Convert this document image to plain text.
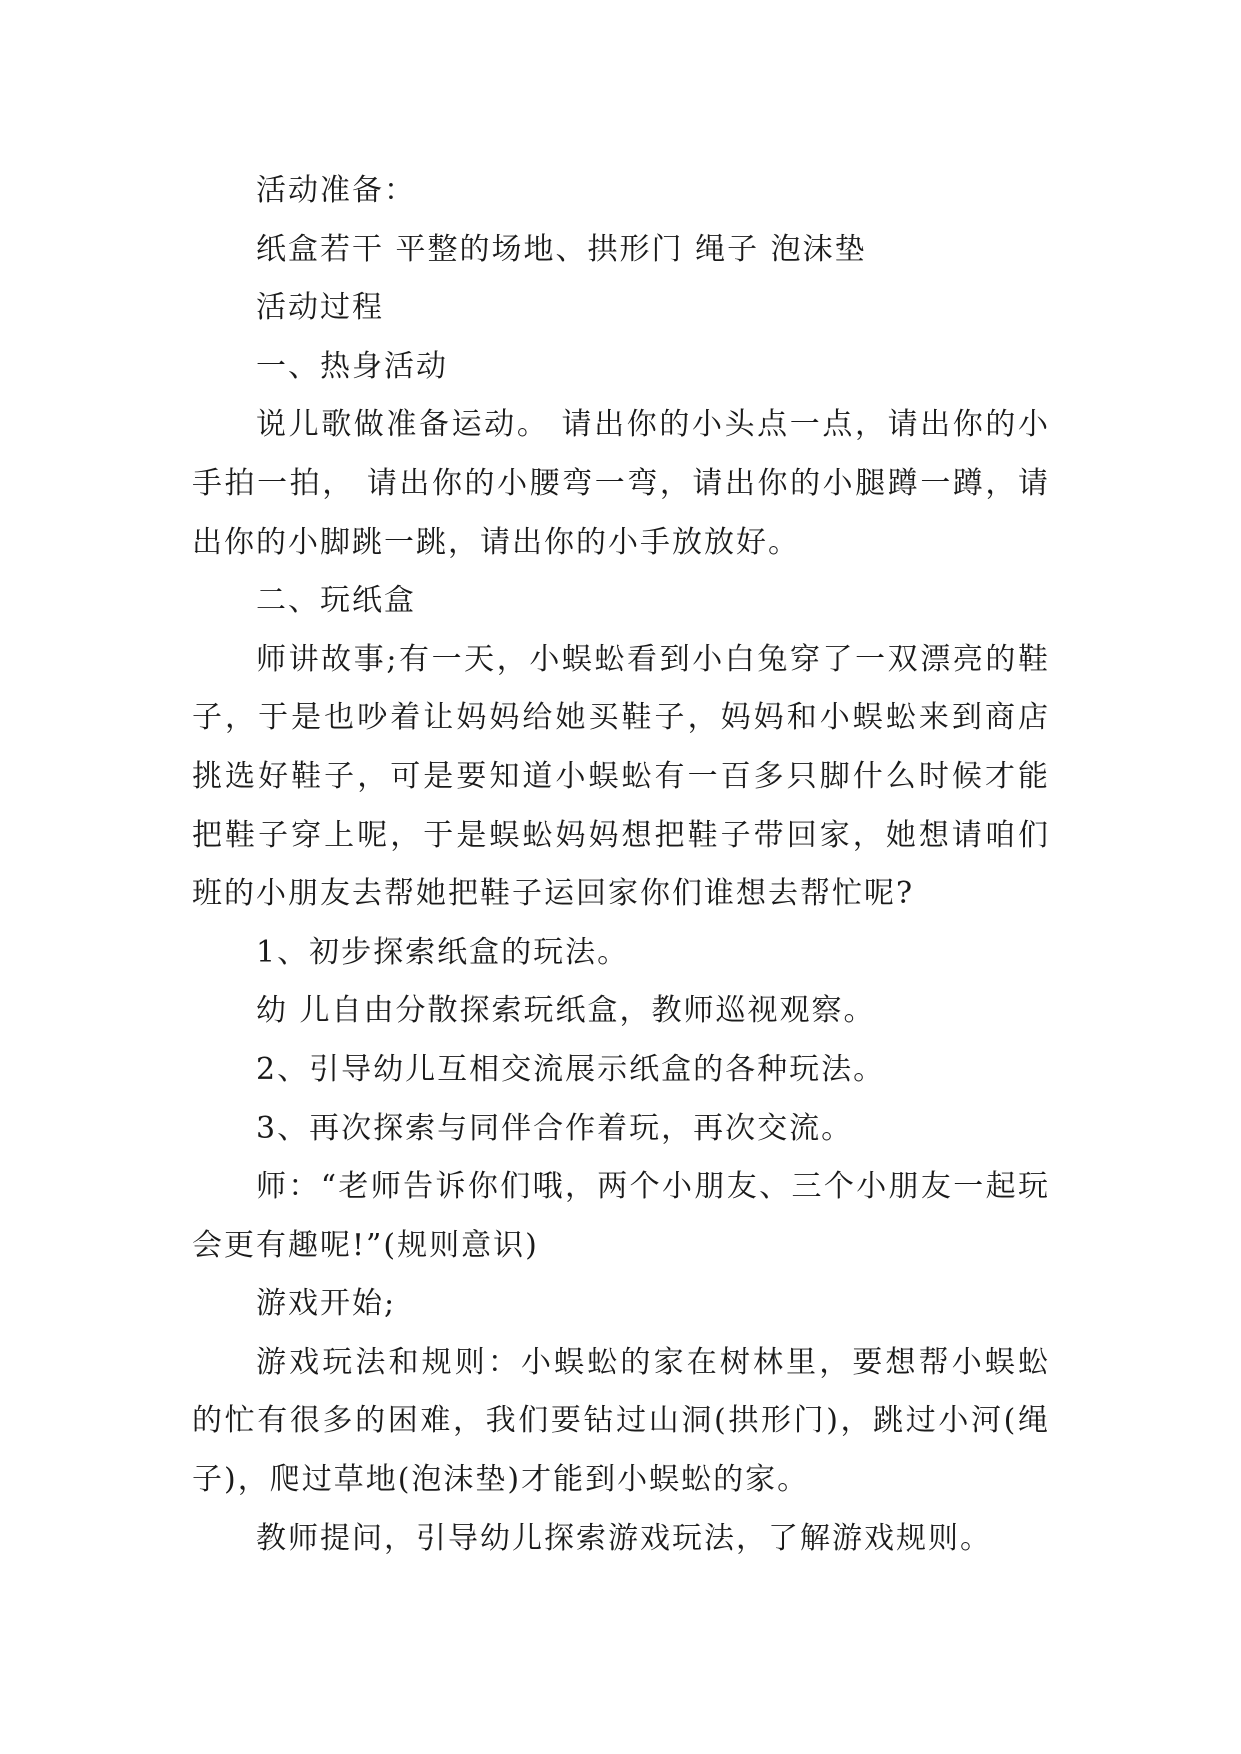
活动准备：

纸盒若干 平整的场地、拱形门 绳子 泡沫垫

活动过程

一、热身活动

说儿歌做准备运动。 请出你的小头点一点，请出你的小手拍一拍， 请出你的小腰弯一弯，请出你的小腿蹲一蹲，请出你的小脚跳一跳，请出你的小手放放好。

二、玩纸盒

师讲故事;有一天，小蜈蚣看到小白兔穿了一双漂亮的鞋子，于是也吵着让妈妈给她买鞋子，妈妈和小蜈蚣来到商店挑选好鞋子，可是要知道小蜈蚣有一百多只脚什么时候才能把鞋子穿上呢，于是蜈蚣妈妈想把鞋子带回家，她想请咱们班的小朋友去帮她把鞋子运回家你们谁想去帮忙呢?

1、初步探索纸盒的玩法。

幼 儿自由分散探索玩纸盒，教师巡视观察。

2、引导幼儿互相交流展示纸盒的各种玩法。

3、再次探索与同伴合作着玩，再次交流。

师：“老师告诉你们哦，两个小朋友、三个小朋友一起玩会更有趣呢!”(规则意识)

游戏开始;

游戏玩法和规则：小蜈蚣的家在树林里，要想帮小蜈蚣的忙有很多的困难，我们要钻过山洞(拱形门)，跳过小河(绳子)，爬过草地(泡沫垫)才能到小蜈蚣的家。

教师提问，引导幼儿探索游戏玩法，了解游戏规则。
